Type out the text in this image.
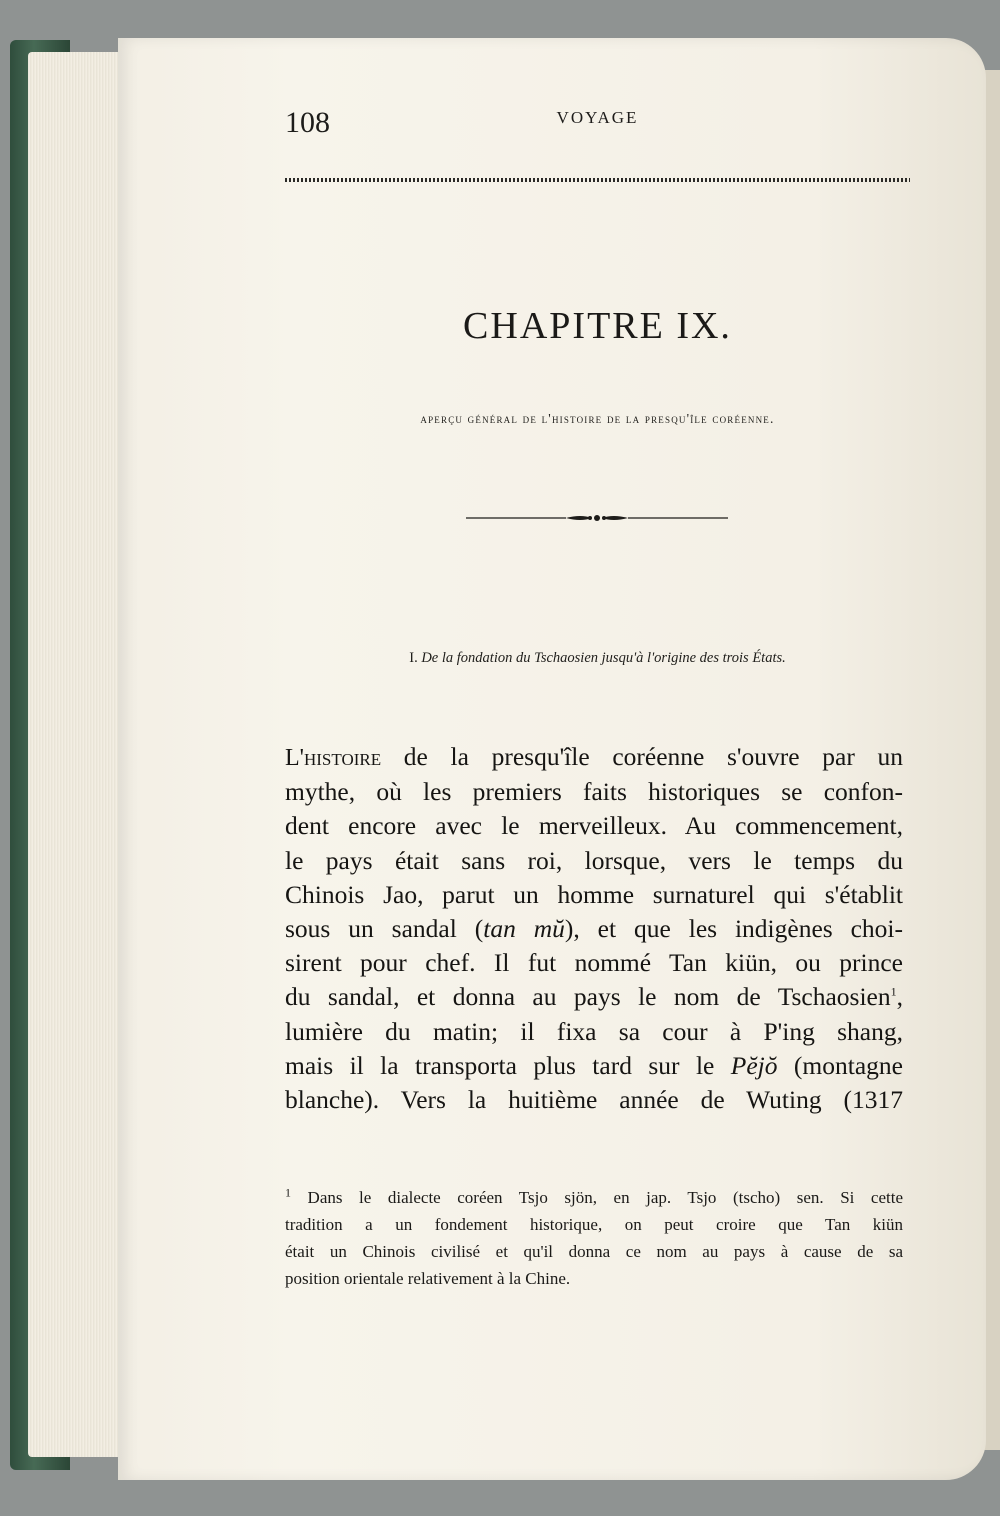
108	VOYAGE
CHAPITRE IX.
aperçu général de l'histoire de la presqu'île coréenne.
I. De la fondation du Tschaosien jusqu'à l'origine des trois États.
L'histoire de la presqu'île coréenne s'ouvre par un
mythe, où les premiers faits historiques se confon-
dent encore avec le merveilleux. Au commencement,
le pays était sans roi, lorsque, vers le temps du
Chinois Jao, parut un homme surnaturel qui s'établit
sous un sandal (tan mŭ), et que les indigènes choi-
sirent pour chef. Il fut nommé Tan kiün, ou prince
du sandal, et donna au pays le nom de Tschaosien$^1$,
lumière du matin; il fixa sa cour à P'ing shang,
mais il la transporta plus tard sur le Pĕjŏ (montagne
blanche). Vers la huitième année de Wuting (1317
$^1$ Dans le dialecte coréen Tsjo sjön, en jap. Tsjo (tscho) sen. Si cette
tradition a un fondement historique, on peut croire que Tan kiün
était un Chinois civilisé et qu'il donna ce nom au pays à cause de sa
position orientale relativement à la Chine.
